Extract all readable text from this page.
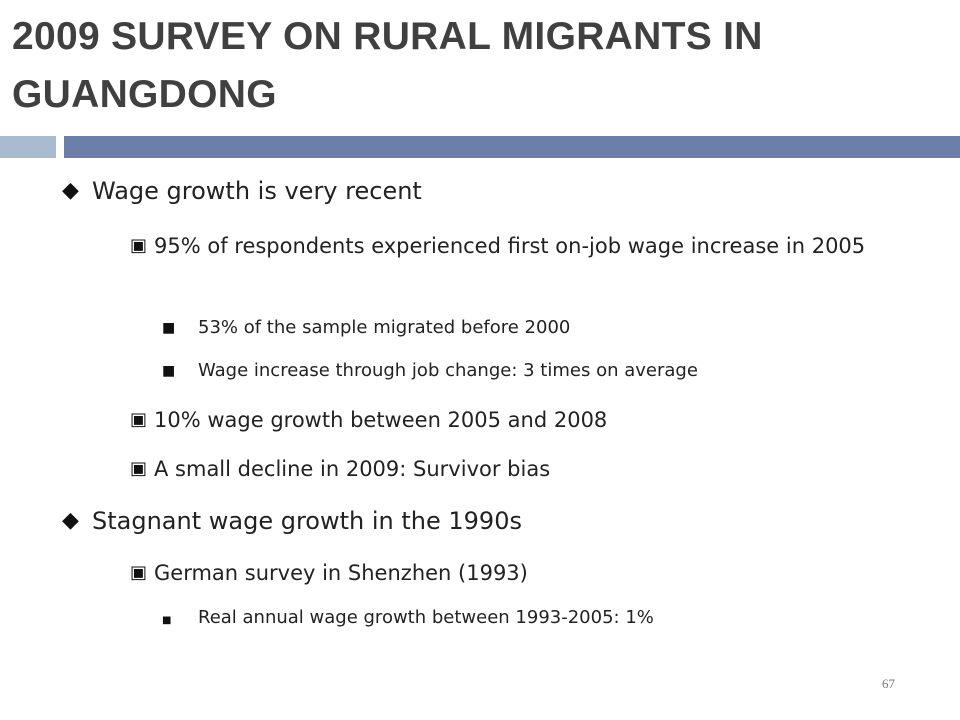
2009 SURVEY ON RURAL MIGRANTS IN GUANGDONG
◆ Wage growth is very recent
▣ 95% of respondents experienced first on-job wage increase in 2005
■	53% of the sample migrated before 2000
■	Wage increase through job change: 3 times on average
▣ 10% wage growth between 2005 and 2008
▣ A small decline in 2009: Survivor bias
◆ Stagnant wage growth in the 1990s
▣ German survey in Shenzhen (1993)
■	Real annual wage growth between 1993-2005: 1%
67
